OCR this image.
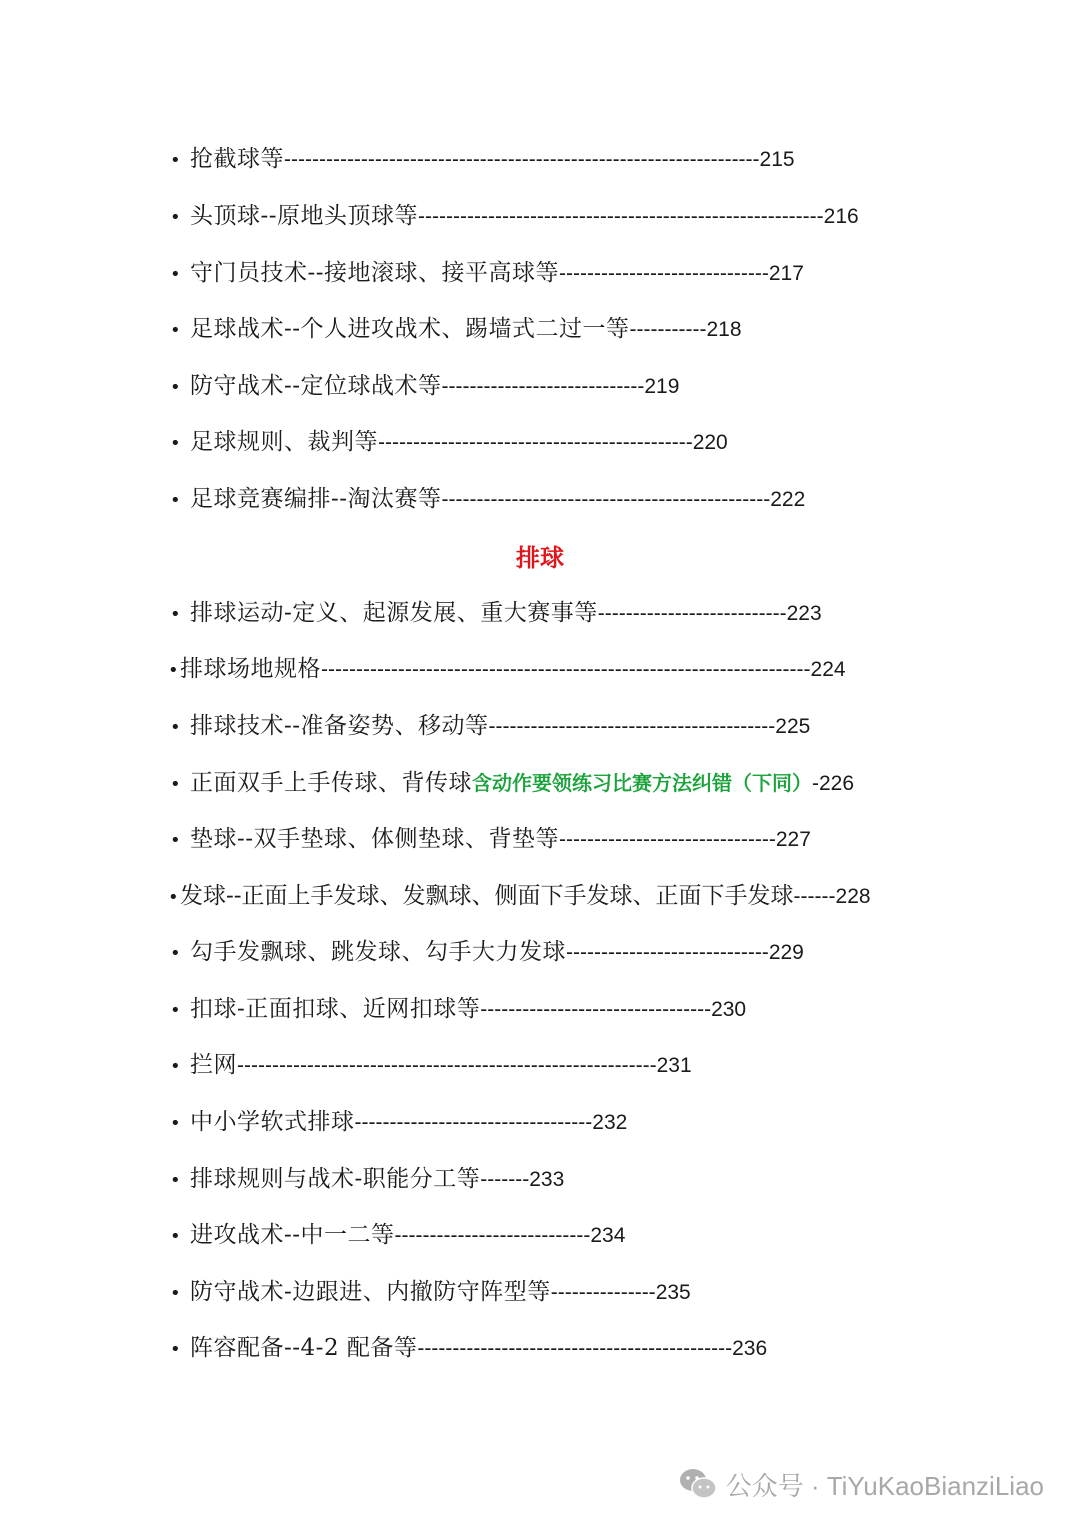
• 抢截球等--------------------------------------------------------------------215
• 头顶球--原地头顶球等----------------------------------------------------------216
• 守门员技术--接地滚球、接平高球等------------------------------217
• 足球战术--个人进攻战术、踢墙式二过一等-----------218
• 防守战术--定位球战术等-----------------------------219
• 足球规则、裁判等---------------------------------------------220
• 足球竞赛编排--淘汰赛等-----------------------------------------------222
排球
• 排球运动-定义、起源发展、重大赛事等---------------------------223
•排球场地规格----------------------------------------------------------------------224
• 排球技术--准备姿势、移动等-----------------------------------------225
• 正面双手上手传球、背传球含动作要领练习比赛方法纠错（下同）-226
• 垫球--双手垫球、体侧垫球、背垫等-------------------------------227
•发球--正面上手发球、发飘球、侧面下手发球、正面下手发球------228
• 勾手发飘球、跳发球、勾手大力发球-----------------------------229
• 扣球-正面扣球、近网扣球等---------------------------------230
• 拦网------------------------------------------------------------231
• 中小学软式排球----------------------------------232
• 排球规则与战术-职能分工等-------233
• 进攻战术--中一二等----------------------------234
• 防守战术-边跟进、内撤防守阵型等---------------235
• 阵容配备--4-2 配备等---------------------------------------------236
公众号 · TiYuKaoBianziLiao
